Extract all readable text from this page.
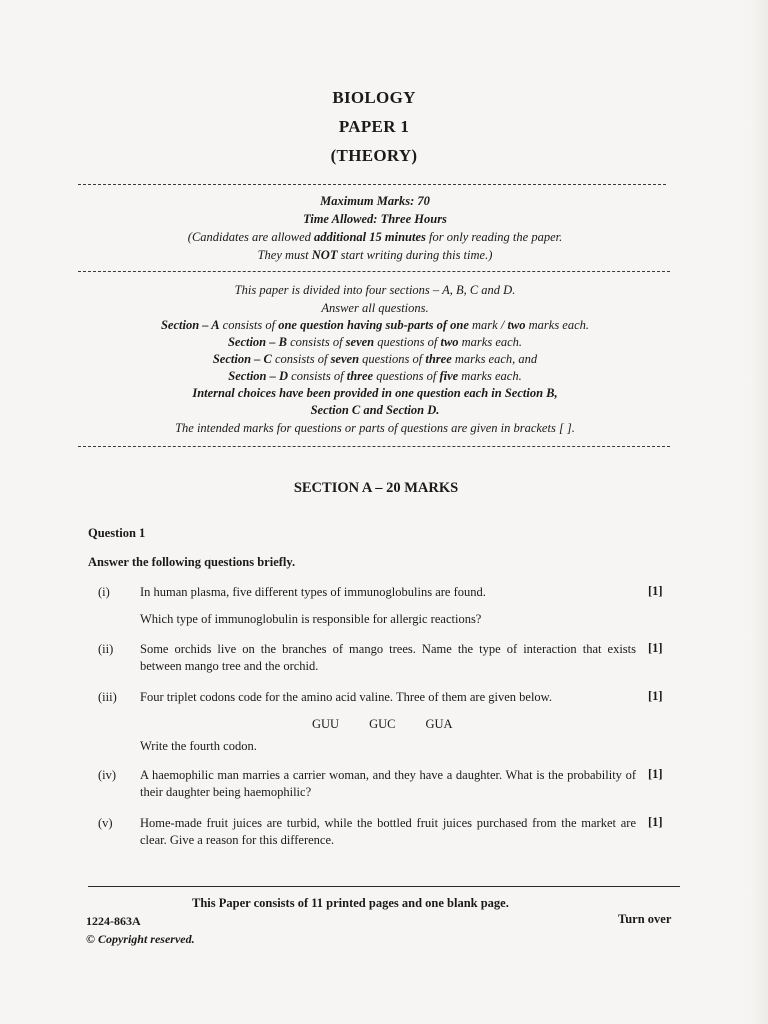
BIOLOGY
PAPER 1
(THEORY)
Maximum Marks: 70
Time Allowed: Three Hours
(Candidates are allowed additional 15 minutes for only reading the paper.
They must NOT start writing during this time.)
This paper is divided into four sections – A, B, C and D.
Answer all questions.
Section – A consists of one question having sub-parts of one mark / two marks each.
Section – B consists of seven questions of two marks each.
Section – C consists of seven questions of three marks each, and
Section – D consists of three questions of five marks each.
Internal choices have been provided in one question each in Section B,
Section C and Section D.
The intended marks for questions or parts of questions are given in brackets [ ].
SECTION A – 20 MARKS
Question 1
Answer the following questions briefly.
(i)	In human plasma, five different types of immunoglobulins are found.	[1]
Which type of immunoglobulin is responsible for allergic reactions?
(ii)	Some orchids live on the branches of mango trees. Name the type of interaction that exists between mango tree and the orchid.
[1]
(iii)	Four triplet codons code for the amino acid valine. Three of them are given below.	[1]
GUU GUC GUA
Write the fourth codon.
(iv)	A haemophilic man marries a carrier woman, and they have a daughter. What is the probability of their daughter being haemophilic?
[1]
(v)	Home-made fruit juices are turbid, while the bottled fruit juices purchased from the market are clear. Give a reason for this difference.
[1]
This Paper consists of 11 printed pages and one blank page.
1224-863A
© Copyright reserved.
Turn over
